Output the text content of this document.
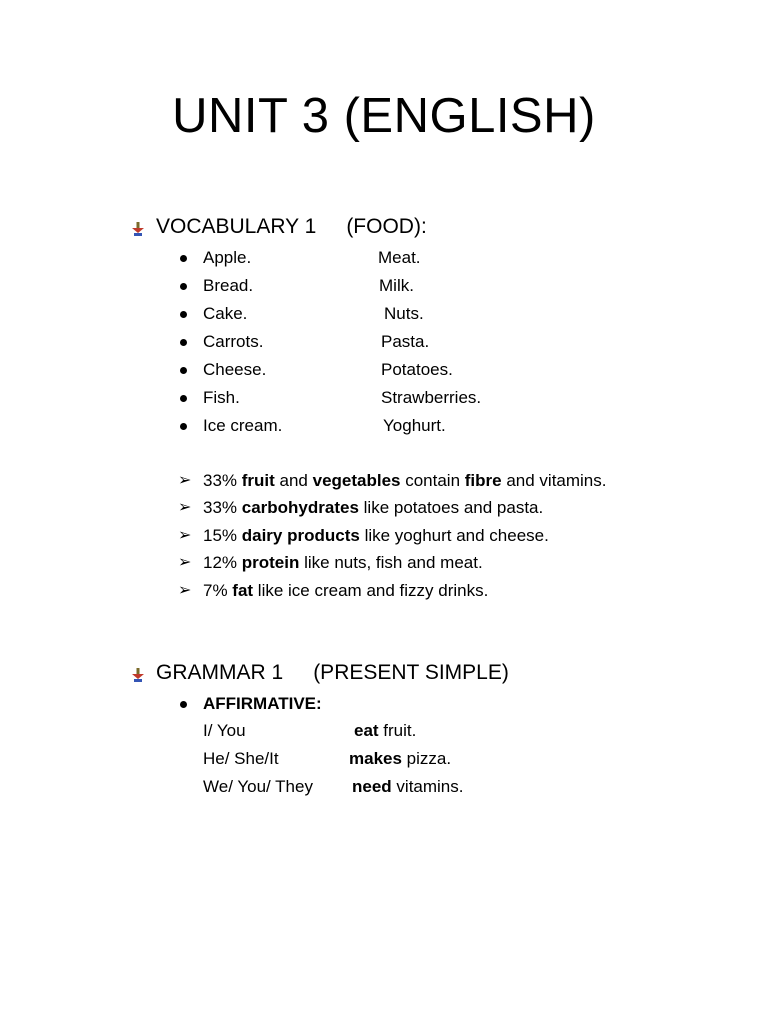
UNIT 3 (ENGLISH)
VOCABULARY 1 (FOOD):
Apple.	Meat.
Bread.	Milk.
Cake.	Nuts.
Carrots.	Pasta.
Cheese.	Potatoes.
Fish.	Strawberries.
Ice cream.	Yoghurt.
➢ 33% fruit and vegetables contain fibre and vitamins.
➢ 33% carbohydrates like potatoes and pasta.
➢ 15% dairy products like yoghurt and cheese.
➢ 12% protein like nuts, fish and meat.
➢ 7% fat like ice cream and fizzy drinks.
GRAMMAR 1 (PRESENT SIMPLE)
AFFIRMATIVE:
I/ You	eat fruit.
He/ She/It	makes pizza.
We/ You/ They need vitamins.
